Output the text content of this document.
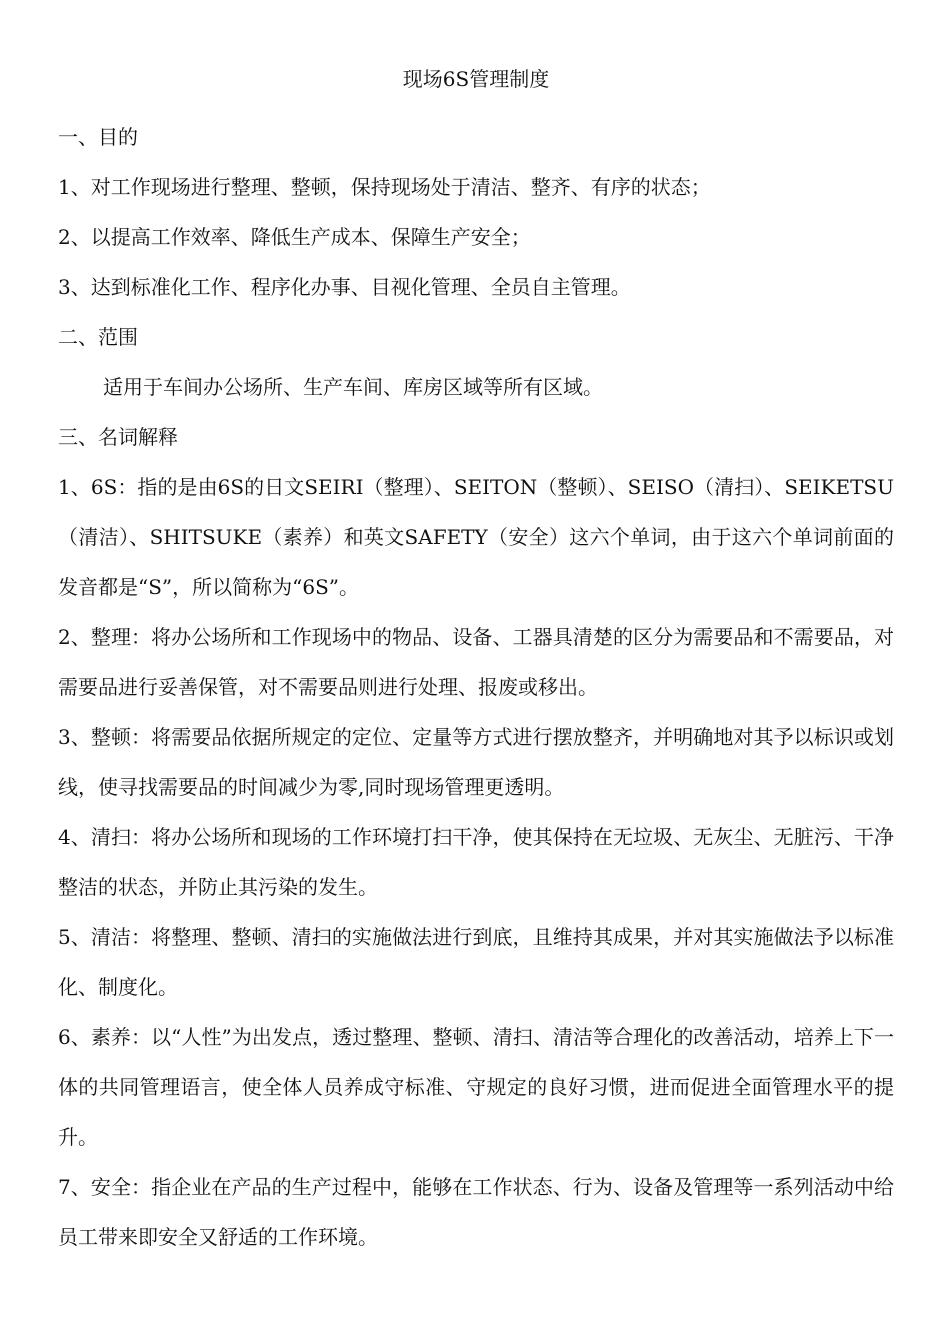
现场6S管理制度

一、目的

1、对工作现场进行整理、整顿，保持现场处于清洁、整齐、有序的状态；

2、以提高工作效率、降低生产成本、保障生产安全；

3、达到标准化工作、程序化办事、目视化管理、全员自主管理。

二、范围

适用于车间办公场所、生产车间、库房区域等所有区域。

三、名词解释

1、6S：指的是由6S的日文SEIRI（整理）、SEITON（整顿）、SEISO（清扫）、SEIKETSU（清洁）、SHITSUKE（素养）和英文SAFETY（安全）这六个单词，由于这六个单词前面的发音都是“S”，所以简称为“6S”。

2、整理：将办公场所和工作现场中的物品、设备、工器具清楚的区分为需要品和不需要品，对需要品进行妥善保管，对不需要品则进行处理、报废或移出。

3、整顿：将需要品依据所规定的定位、定量等方式进行摆放整齐，并明确地对其予以标识或划线，使寻找需要品的时间减少为零,同时现场管理更透明。

4、清扫：将办公场所和现场的工作环境打扫干净，使其保持在无垃圾、无灰尘、无脏污、干净整洁的状态，并防止其污染的发生。

5、清洁：将整理、整顿、清扫的实施做法进行到底，且维持其成果，并对其实施做法予以标准化、制度化。

6、素养：以“人性”为出发点，透过整理、整顿、清扫、清洁等合理化的改善活动，培养上下一体的共同管理语言，使全体人员养成守标准、守规定的良好习惯，进而促进全面管理水平的提升。

7、安全：指企业在产品的生产过程中，能够在工作状态、行为、设备及管理等一系列活动中给员工带来即安全又舒适的工作环境。
